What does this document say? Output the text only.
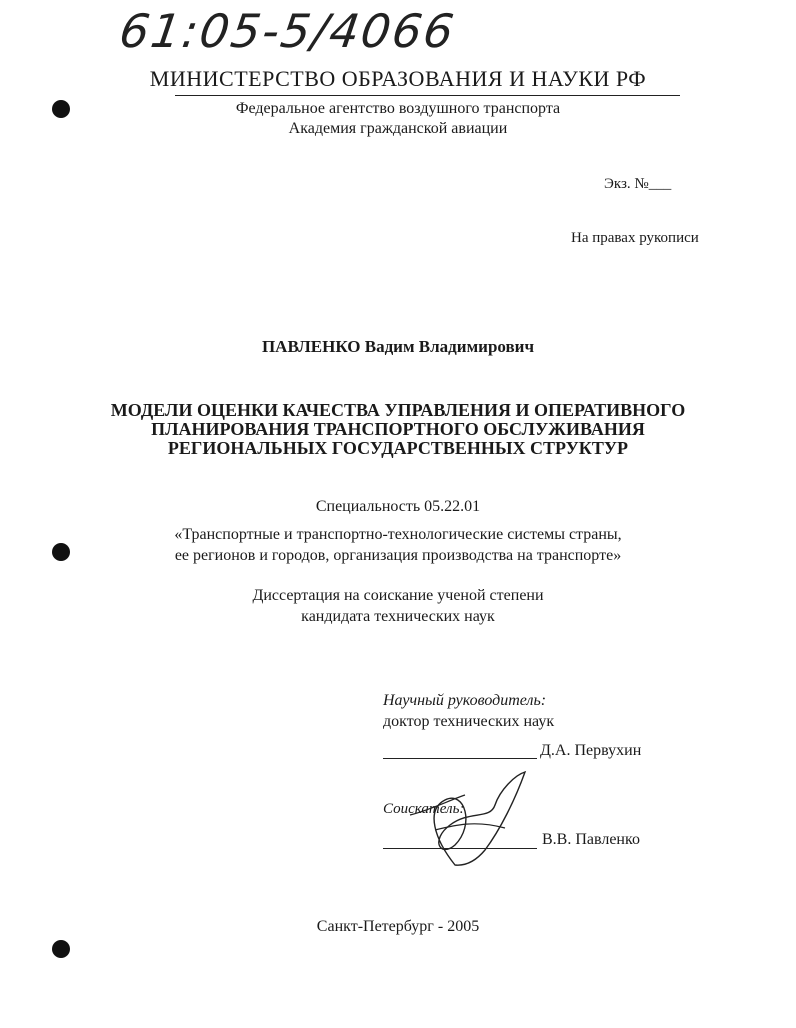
61:05-5/4066
МИНИСТЕРСТВО ОБРАЗОВАНИЯ И НАУКИ РФ
Федеральное агентство воздушного транспорта
Академия гражданской авиации
Экз. №___
На правах рукописи
ПАВЛЕНКО Вадим Владимирович
МОДЕЛИ ОЦЕНКИ КАЧЕСТВА УПРАВЛЕНИЯ И ОПЕРАТИВНОГО
ПЛАНИРОВАНИЯ ТРАНСПОРТНОГО ОБСЛУЖИВАНИЯ
РЕГИОНАЛЬНЫХ ГОСУДАРСТВЕННЫХ СТРУКТУР
Специальность 05.22.01
«Транспортные и транспортно-технологические системы страны,
ее регионов и городов, организация производства на транспорте»
Диссертация на соискание ученой степени
кандидата технических наук
Научный руководитель:
доктор технических наук
Д.А. Первухин
Соискатель:
В.В. Павленко
Санкт-Петербург - 2005
